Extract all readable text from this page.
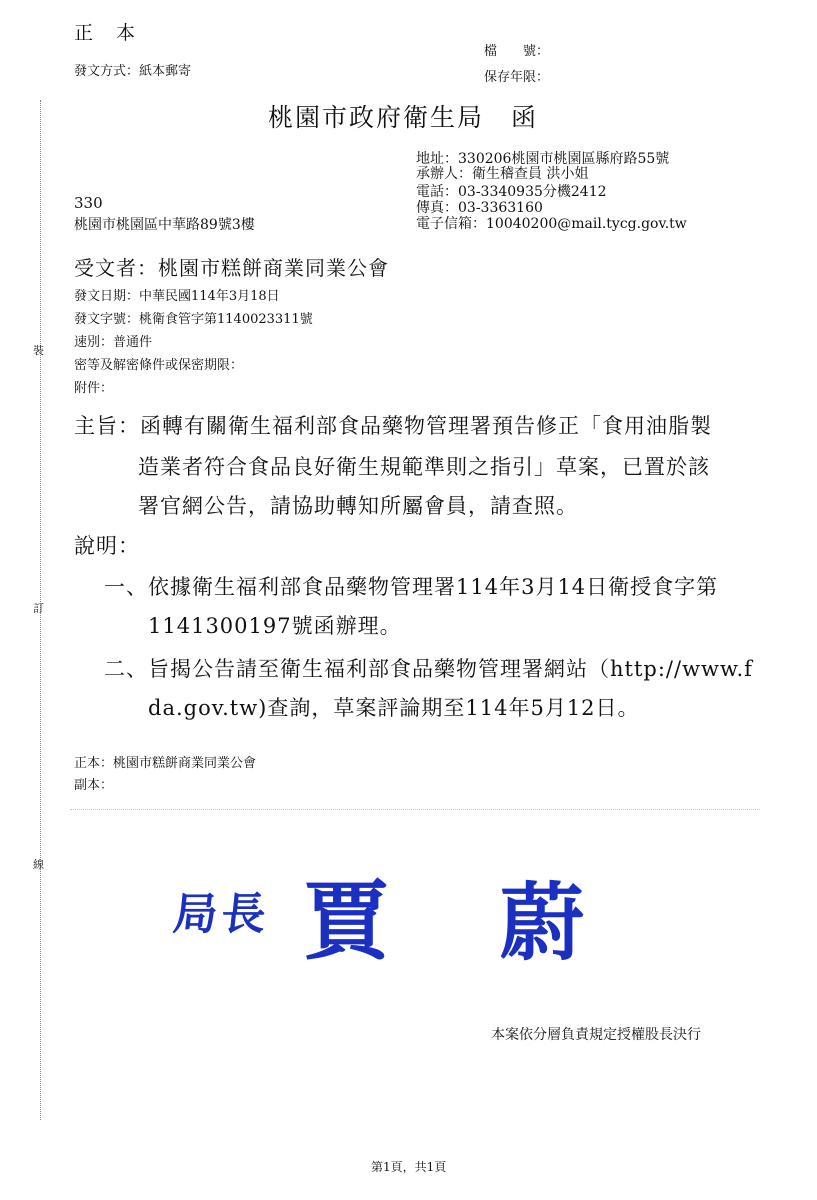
正　本
發文方式：紙本郵寄
檔　　號：
保存年限：
裝
訂
線
桃園市政府衛生局　函
地址：330206桃園市桃園區縣府路55號
承辦人：衛生稽查員 洪小姐
電話：03-3340935分機2412
傳真：03-3363160
電子信箱：10040200@mail.tycg.gov.tw
330
桃園市桃園區中華路89號3樓
受文者：桃園市糕餅商業同業公會
發文日期：中華民國114年3月18日
發文字號：桃衛食管字第1140023311號
速別：普通件
密等及解密條件或保密期限：
附件：
主旨：函轉有關衛生福利部食品藥物管理署預告修正「食用油脂製
造業者符合食品良好衛生規範準則之指引」草案，已置於該
署官網公告，請協助轉知所屬會員，請查照。
說明：
一、依據衛生福利部食品藥物管理署114年3月14日衛授食字第
1141300197號函辦理。
二、旨揭公告請至衛生福利部食品藥物管理署網站（http://www.f
da.gov.tw)查詢，草案評論期至114年5月12日。
正本：桃園市糕餅商業同業公會
副本：
局長 賈 蔚
本案依分層負責規定授權股長決行
第1頁，共1頁
